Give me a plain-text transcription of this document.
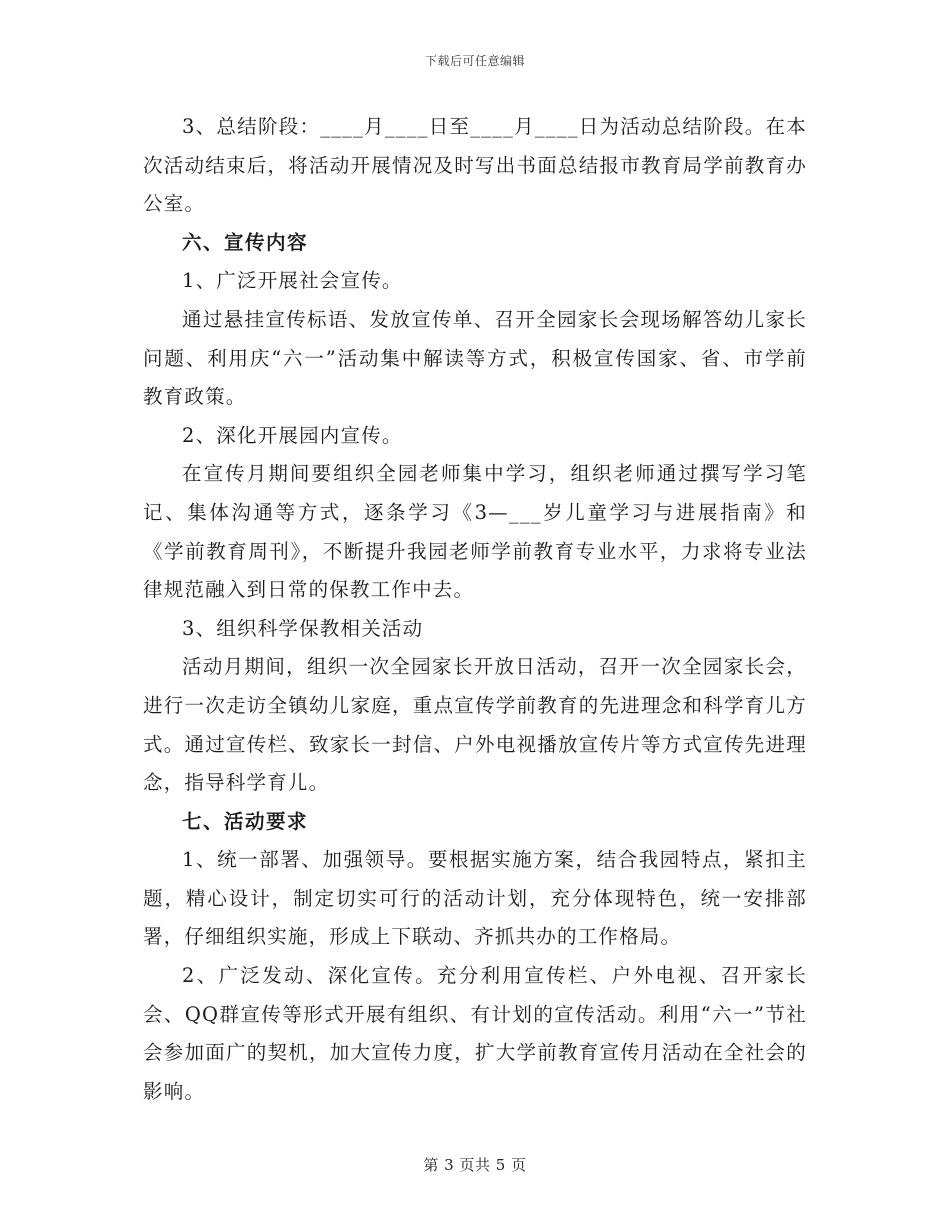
下载后可任意编辑

3、总结阶段：____月____日至____月____日为活动总结阶段。在本次活动结束后，将活动开展情况及时写出书面总结报市教育局学前教育办公室。

六、宣传内容

1、广泛开展社会宣传。

通过悬挂宣传标语、发放宣传单、召开全园家长会现场解答幼儿家长问题、利用庆“六一”活动集中解读等方式，积极宣传国家、省、市学前教育政策。

2、深化开展园内宣传。

在宣传月期间要组织全园老师集中学习，组织老师通过撰写学习笔记、集体沟通等方式，逐条学习《3—___岁儿童学习与进展指南》和《学前教育周刊》，不断提升我园老师学前教育专业水平，力求将专业法律规范融入到日常的保教工作中去。

3、组织科学保教相关活动

活动月期间，组织一次全园家长开放日活动，召开一次全园家长会，进行一次走访全镇幼儿家庭，重点宣传学前教育的先进理念和科学育儿方式。通过宣传栏、致家长一封信、户外电视播放宣传片等方式宣传先进理念，指导科学育儿。

七、活动要求

1、统一部署、加强领导。要根据实施方案，结合我园特点，紧扣主题，精心设计，制定切实可行的活动计划，充分体现特色，统一安排部署，仔细组织实施，形成上下联动、齐抓共办的工作格局。

2、广泛发动、深化宣传。充分利用宣传栏、户外电视、召开家长会、QQ群宣传等形式开展有组织、有计划的宣传活动。利用“六一”节社会参加面广的契机，加大宣传力度，扩大学前教育宣传月活动在全社会的影响。

第 3 页共 5 页
